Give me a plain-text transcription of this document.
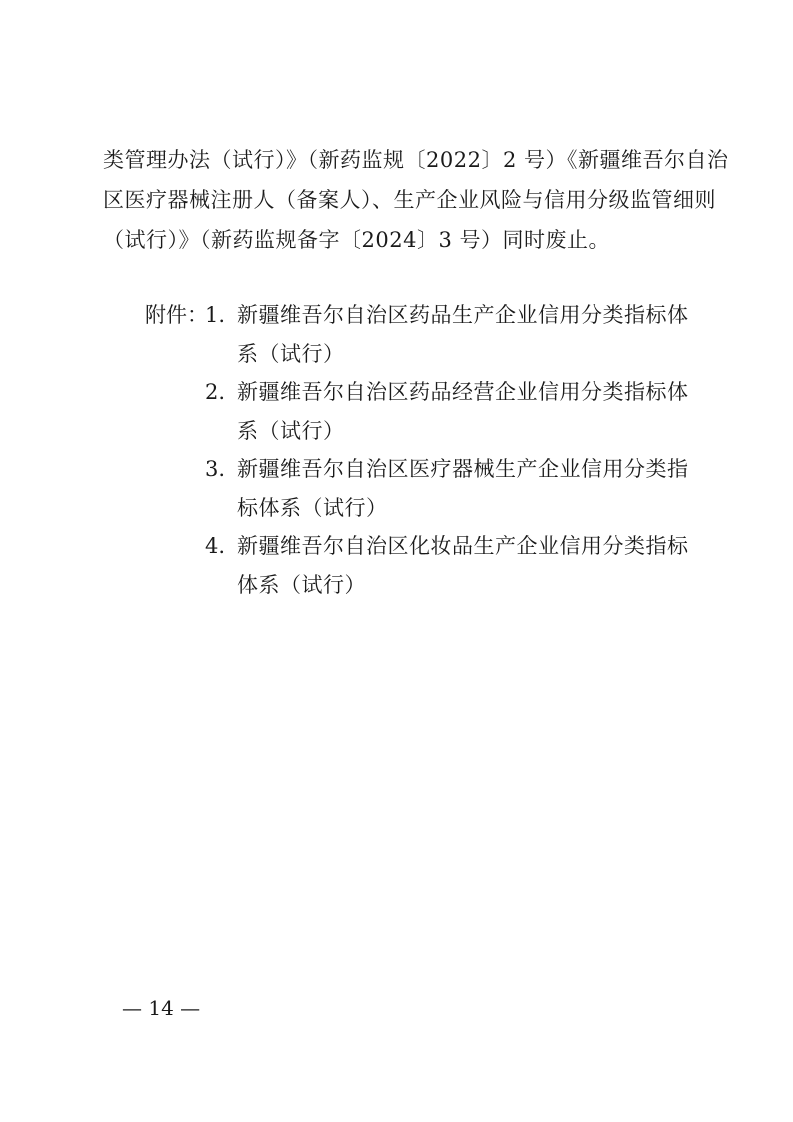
类管理办法（试行）》（新药监规〔2022〕2 号）《新疆维吾尔自治
区医疗器械注册人（备案人）、生产企业风险与信用分级监管细则
（试行）》（新药监规备字〔2024〕3 号）同时废止。
附件：
1. 新疆维吾尔自治区药品生产企业信用分类指标体
系（试行）
2. 新疆维吾尔自治区药品经营企业信用分类指标体
系（试行）
3. 新疆维吾尔自治区医疗器械生产企业信用分类指
标体系（试行）
4. 新疆维吾尔自治区化妆品生产企业信用分类指标
体系（试行）
— 14 —
